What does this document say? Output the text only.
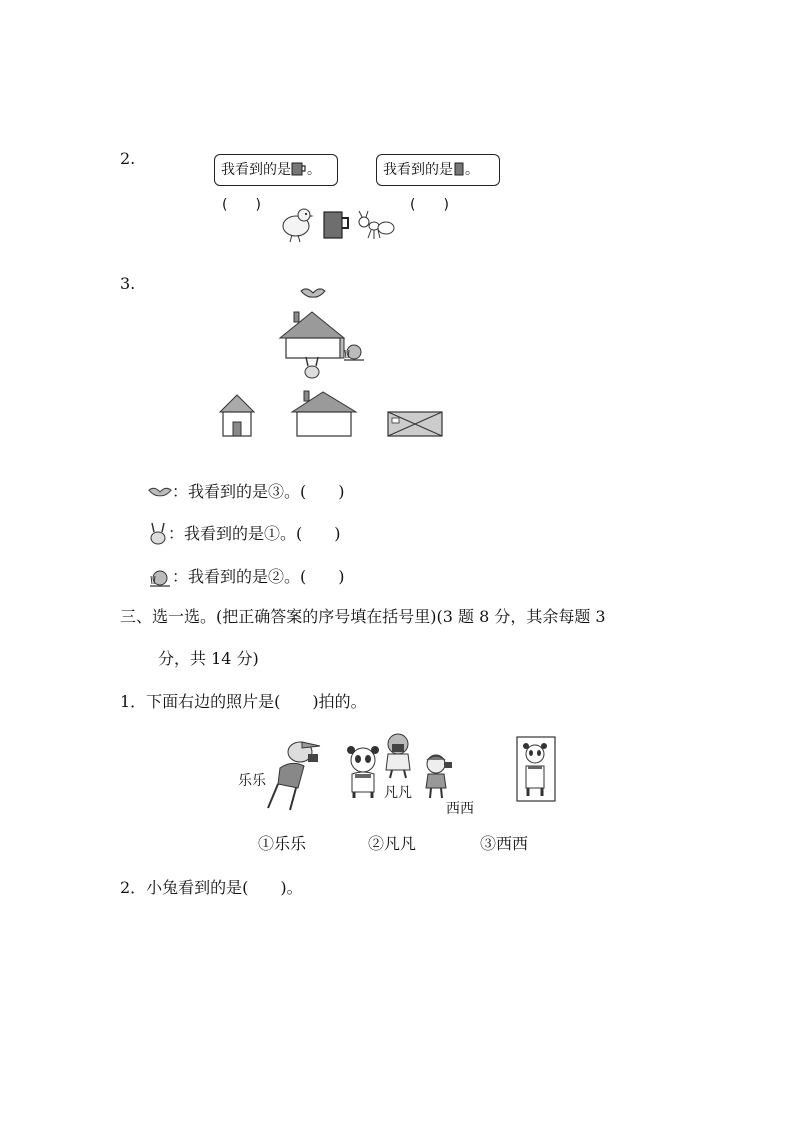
2.
我看到的是 。	我看到的是 。
(　　)	(　　)
3.
：我看到的是③。(　　)
：我看到的是①。(　　)
：我看到的是②。(　　)
三、选一选。(把正确答案的序号填在括号里)(3 题 8 分，其余每题 3
分，共 14 分)
1．下面右边的照片是(　　)拍的。
乐乐
凡凡
西西
①乐乐	②凡凡	③西西
2．小兔看到的是(　　)。
